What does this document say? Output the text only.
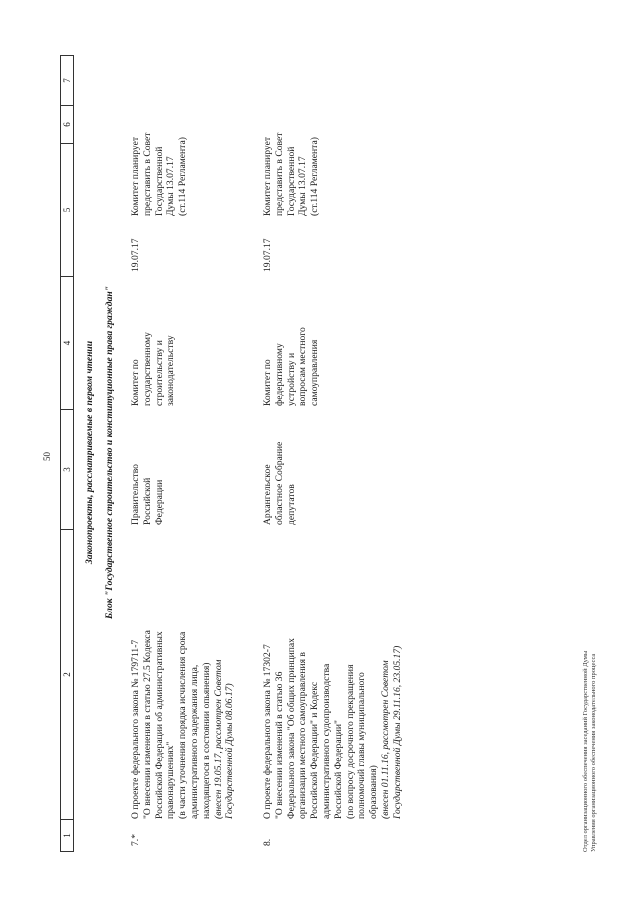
50
1
2
3
4
5
6
7
Законопроекты, рассматриваемые в первом чтении Блок "Государственное строительство и конституционные права граждан"
7.*
О проекте федерального закона № 179711-7 "О внесении изменения в статью 27.5 Кодекса Российской Федерации об административных правонарушениях" (в части уточнения порядка исчисления срока административного задержания лица, находящегося в состоянии опьянения) (внесен 19.05.17, рассмотрен Советом Государственной Думы 08.06.17)
Правительство Российской Федерации
Комитет по государственному строительству и законодательству
19.07.17
Комитет планирует представить в Совет Государственной Думы 13.07.17 (ст.114 Регламента)
8.
О проекте федерального закона № 17302-7 "О внесении изменений в статью 36 Федерального закона "Об общих принципах организации местного самоуправления в Российской Федерации" и Кодекс административного судопроизводства Российской Федерации" (по вопросу досрочного прекращения полномочий главы муниципального образования) (внесен 01.11.16, рассмотрен Советом Государственной Думы 29.11.16, 23.05.17)
Архангельское областное Собрание депутатов
Комитет по федеративному устройству и вопросам местного самоуправления
19.07.17
Комитет планирует представить в Совет Государственной Думы 13.07.17 (ст.114 Регламента)
Отдел организационного обеспечения заседаний Государственной Думы Управления организационного обеспечения законодательного процесса
